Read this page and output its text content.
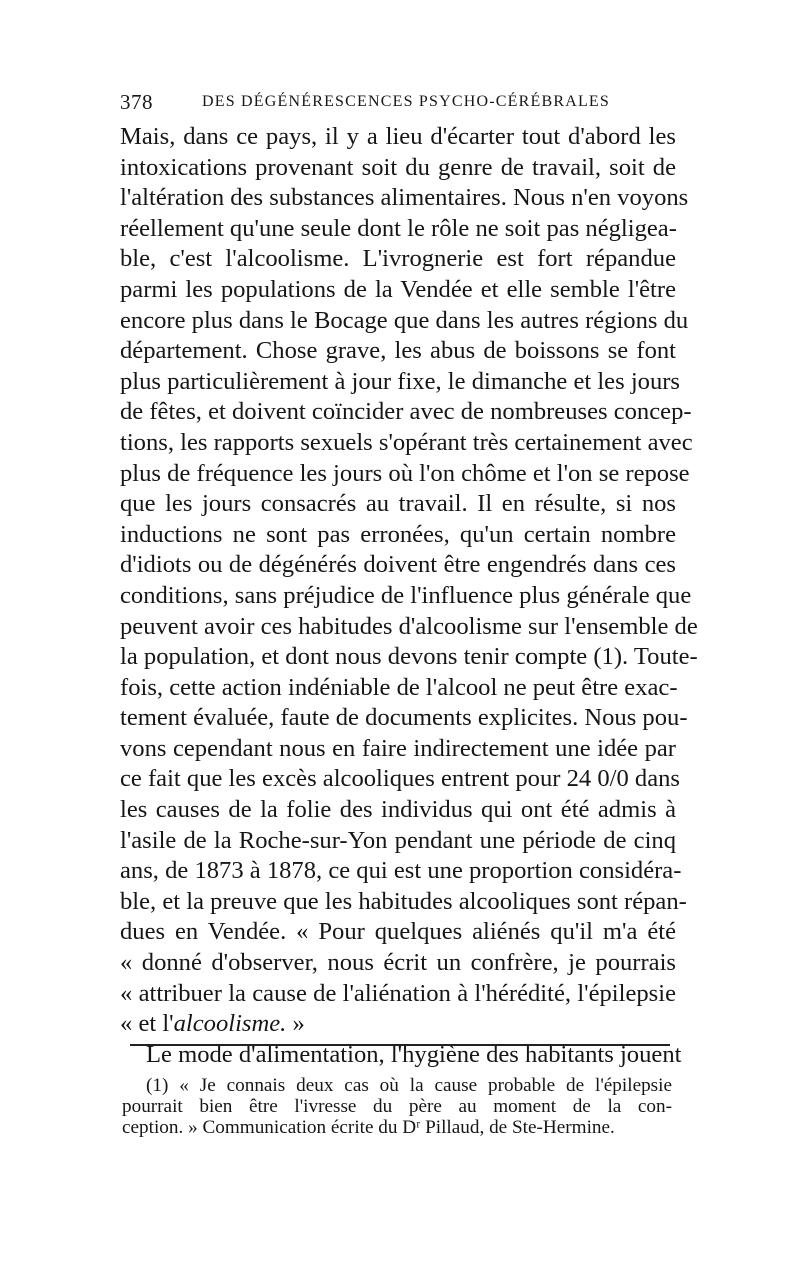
378	DES DÉGÉNÉRESCENCES PSYCHO-CÉRÉBRALES
Mais, dans ce pays, il y a lieu d'écarter tout d'abord les
intoxications provenant soit du genre de travail, soit de
l'altération des substances alimentaires. Nous n'en voyons
réellement qu'une seule dont le rôle ne soit pas négligea-
ble, c'est l'alcoolisme. L'ivrognerie est fort répandue
parmi les populations de la Vendée et elle semble l'être
encore plus dans le Bocage que dans les autres régions du
département. Chose grave, les abus de boissons se font
plus particulièrement à jour fixe, le dimanche et les jours
de fêtes, et doivent coïncider avec de nombreuses concep-
tions, les rapports sexuels s'opérant très certainement avec
plus de fréquence les jours où l'on chôme et l'on se repose
que les jours consacrés au travail. Il en résulte, si nos
inductions ne sont pas erronées, qu'un certain nombre
d'idiots ou de dégénérés doivent être engendrés dans ces
conditions, sans préjudice de l'influence plus générale que
peuvent avoir ces habitudes d'alcoolisme sur l'ensemble de
la population, et dont nous devons tenir compte (1). Toute-
fois, cette action indéniable de l'alcool ne peut être exac-
tement évaluée, faute de documents explicites. Nous pou-
vons cependant nous en faire indirectement une idée par
ce fait que les excès alcooliques entrent pour 24 0/0 dans
les causes de la folie des individus qui ont été admis à
l'asile de la Roche-sur-Yon pendant une période de cinq
ans, de 1873 à 1878, ce qui est une proportion considéra-
ble, et la preuve que les habitudes alcooliques sont répan-
dues en Vendée. « Pour quelques aliénés qu'il m'a été
« donné d'observer, nous écrit un confrère, je pourrais
« attribuer la cause de l'aliénation à l'hérédité, l'épilepsie
« et l'alcoolisme. »
Le mode d'alimentation, l'hygiène des habitants jouent
(1) « Je connais deux cas où la cause probable de l'épilepsie
pourrait bien être l'ivresse du père au moment de la con-
ception. » Communication écrite du Dʳ Pillaud, de Ste-Hermine.
